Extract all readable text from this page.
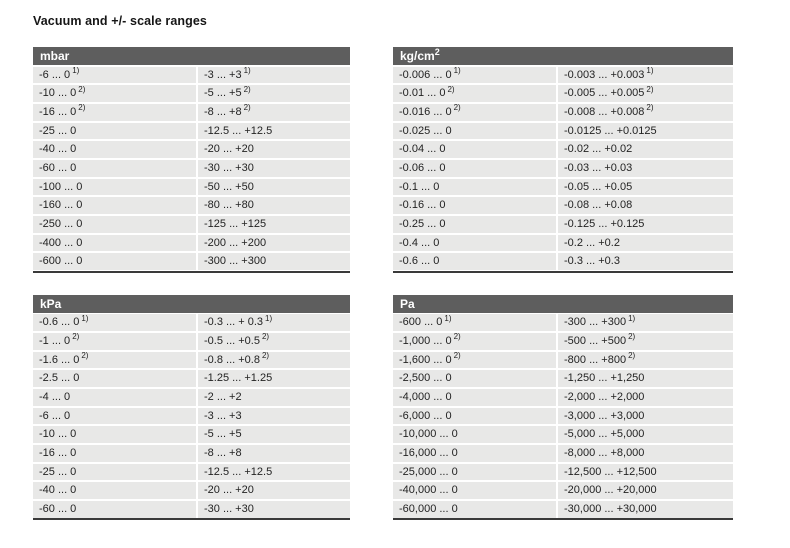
Vacuum and +/- scale ranges
mbar
-6 ... 0 $^{1)}$	-3 ... +3 $^{1)}$
-10 ... 0 $^{2)}$	-5 ... +5 $^{2)}$
-16 ... 0 $^{2)}$	-8 ... +8 $^{2)}$
-25 ... 0	-12.5 ... +12.5
-40 ... 0	-20 ... +20
-60 ... 0	-30 ... +30
-100 ... 0	-50 ... +50
-160 ... 0	-80 ... +80
-250 ... 0	-125 ... +125
-400 ... 0	-200 ... +200
-600 ... 0	-300 ... +300
$kg/cm^2$
-0.006 ... 0 $^{1)}$	-0.003 ... +0.003 $^{1)}$
-0.01 ... 0 $^{2)}$	-0.005 ... +0.005 $^{2)}$
-0.016 ... 0 $^{2)}$	-0.008 ... +0.008 $^{2)}$
-0.025 ... 0	-0.0125 ... +0.0125
-0.04 ... 0	-0.02 ... +0.02
-0.06 ... 0	-0.03 ... +0.03
-0.1 ... 0	-0.05 ... +0.05
-0.16 ... 0	-0.08 ... +0.08
-0.25 ... 0	-0.125 ... +0.125
-0.4 ... 0	-0.2 ... +0.2
-0.6 ... 0	-0.3 ... +0.3
kPa
-0.6 ... 0 $^{1)}$	-0.3 ... + 0.3 $^{1)}$
-1 ... 0 $^{2)}$	-0.5 ... +0.5 $^{2)}$
-1.6 ... 0 $^{2)}$	-0.8 ... +0.8 $^{2)}$
-2.5 ... 0	-1.25 ... +1.25
-4 ... 0	-2 ... +2
-6 ... 0	-3 ... +3
-10 ... 0	-5 ... +5
-16 ... 0	-8 ... +8
-25 ... 0	-12.5 ... +12.5
-40 ... 0	-20 ... +20
-60 ... 0	-30 ... +30
Pa
-600 ... 0 $^{1)}$	-300 ... +300 $^{1)}$
-1,000 ... 0 $^{2)}$	-500 ... +500 $^{2)}$
-1,600 ... 0 $^{2)}$	-800 ... +800 $^{2)}$
-2,500 ... 0	-1,250 ... +1,250
-4,000 ... 0	-2,000 ... +2,000
-6,000 ... 0	-3,000 ... +3,000
-10,000 ... 0	-5,000 ... +5,000
-16,000 ... 0	-8,000 ... +8,000
-25,000 ... 0	-12,500 ... +12,500
-40,000 ... 0	-20,000 ... +20,000
-60,000 ... 0	-30,000 ... +30,000
